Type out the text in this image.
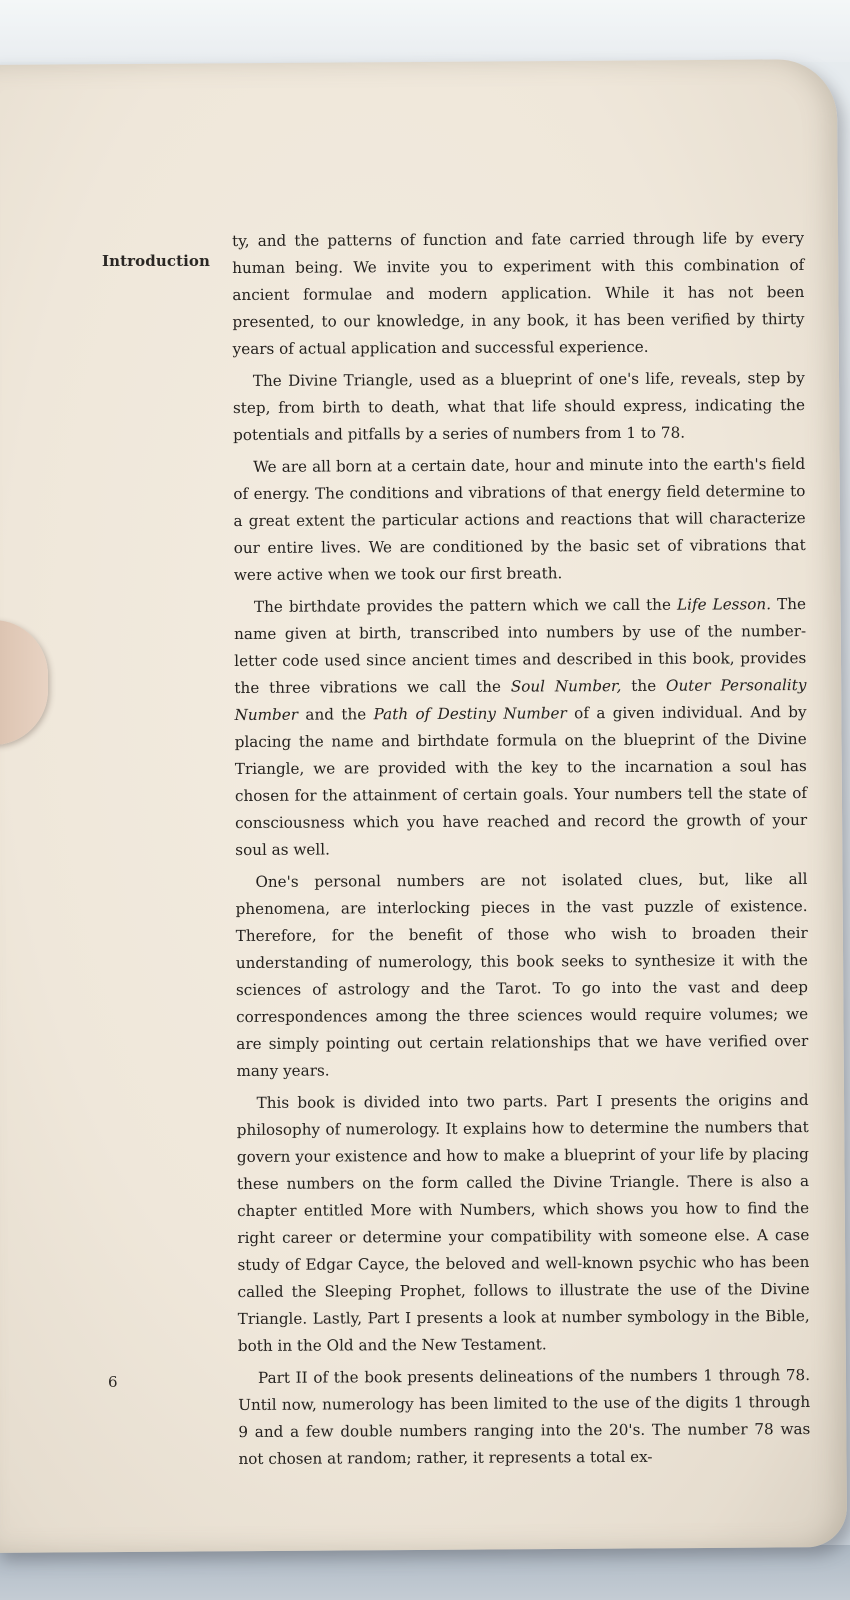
Introduction

ty, and the patterns of function and fate carried through life by every human being. We invite you to experiment with this combination of ancient formulae and modern application. While it has not been presented, to our knowledge, in any book, it has been verified by thirty years of actual application and successful experience.

The Divine Triangle, used as a blueprint of one's life, reveals, step by step, from birth to death, what that life should express, indicating the potentials and pitfalls by a series of numbers from 1 to 78.

We are all born at a certain date, hour and minute into the earth's field of energy. The conditions and vibrations of that energy field determine to a great extent the particular actions and reactions that will characterize our entire lives. We are conditioned by the basic set of vibrations that were active when we took our first breath.

The birthdate provides the pattern which we call the Life Lesson. The name given at birth, transcribed into numbers by use of the number-letter code used since ancient times and described in this book, provides the three vibrations we call the Soul Number, the Outer Personality Number and the Path of Destiny Number of a given individual. And by placing the name and birthdate formula on the blueprint of the Divine Triangle, we are provided with the key to the incarnation a soul has chosen for the attainment of certain goals. Your numbers tell the state of consciousness which you have reached and record the growth of your soul as well.

One's personal numbers are not isolated clues, but, like all phenomena, are interlocking pieces in the vast puzzle of existence. Therefore, for the benefit of those who wish to broaden their understanding of numerology, this book seeks to synthesize it with the sciences of astrology and the Tarot. To go into the vast and deep correspondences among the three sciences would require volumes; we are simply pointing out certain relationships that we have verified over many years.

This book is divided into two parts. Part I presents the origins and philosophy of numerology. It explains how to determine the numbers that govern your existence and how to make a blueprint of your life by placing these numbers on the form called the Divine Triangle. There is also a chapter entitled More with Numbers, which shows you how to find the right career or determine your compatibility with someone else. A case study of Edgar Cayce, the beloved and well-known psychic who has been called the Sleeping Prophet, follows to illustrate the use of the Divine Triangle. Lastly, Part I presents a look at number symbology in the Bible, both in the Old and the New Testament.

Part II of the book presents delineations of the numbers 1 through 78. Until now, numerology has been limited to the use of the digits 1 through 9 and a few double numbers ranging into the 20's. The number 78 was not chosen at random; rather, it represents a total ex-

6
